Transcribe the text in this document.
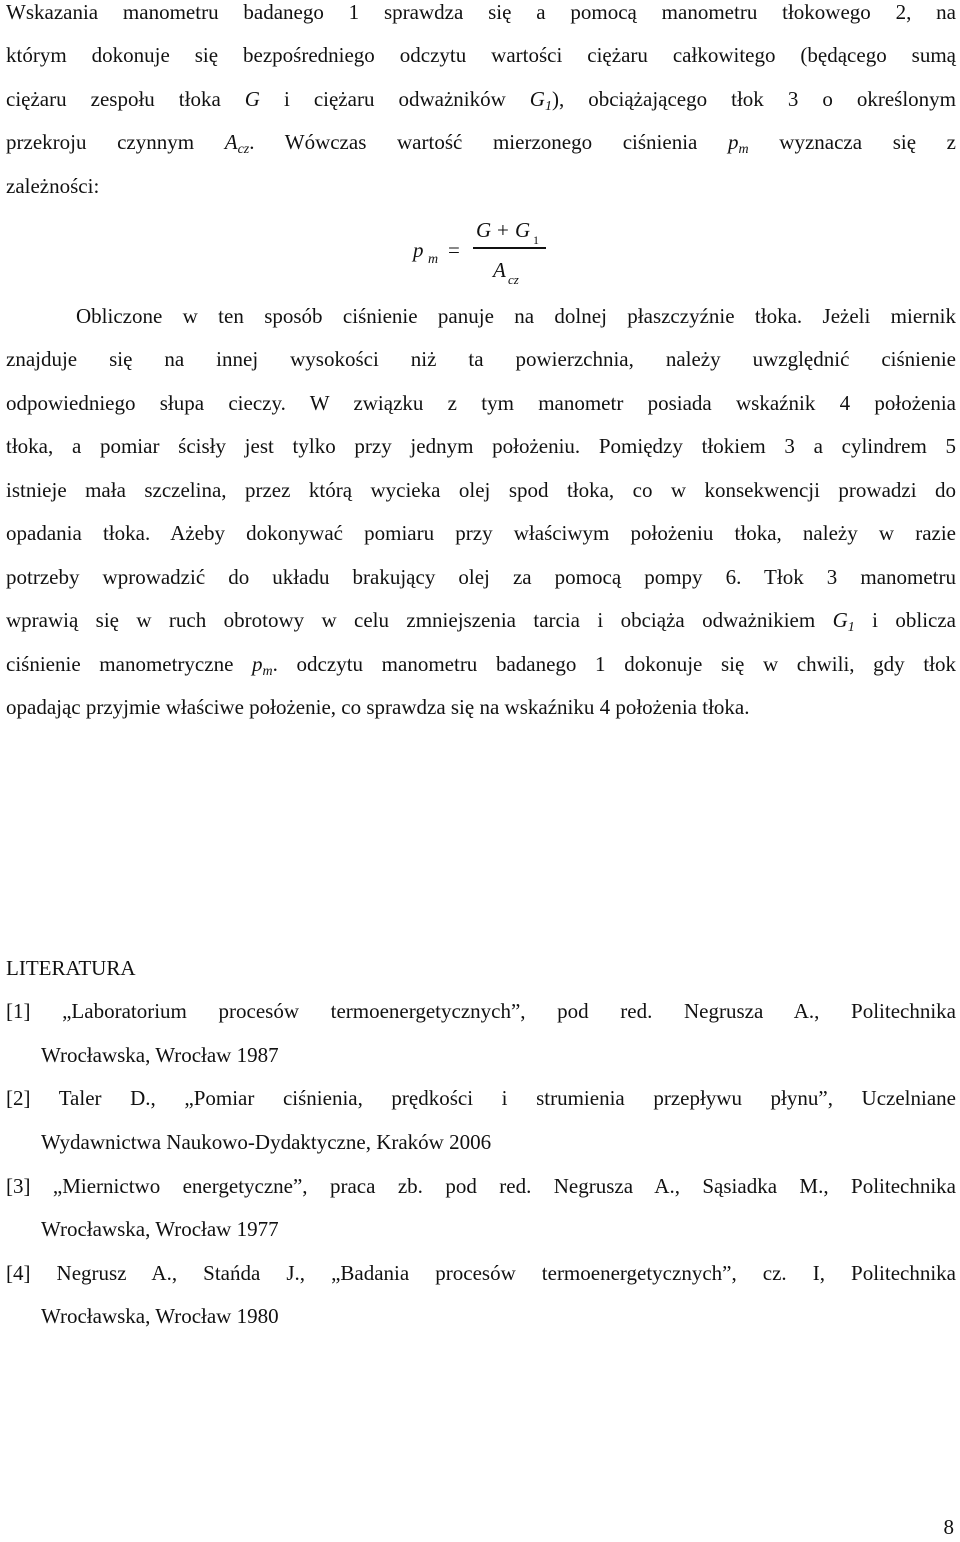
Wskazania manometru badanego 1 sprawdza się a pomocą manometru tłokowego 2, na
którym dokonuje się bezpośredniego odczytu wartości ciężaru całkowitego (będącego sumą
ciężaru zespołu tłoka G i ciężaru odważników $G_1$), obciążającego tłok 3 o określonym
przekroju czynnym $A_{cz}$. Wówczas wartość mierzonego ciśnienia $p_m$ wyznacza się z
zależności:
p m =
G + G 1
A cz
Obliczone w ten sposób ciśnienie panuje na dolnej płaszczyźnie tłoka. Jeżeli miernik
znajduje się na innej wysokości niż ta powierzchnia, należy uwzględnić ciśnienie
odpowiedniego słupa cieczy. W związku z tym manometr posiada wskaźnik 4 położenia
tłoka, a pomiar ścisły jest tylko przy jednym położeniu. Pomiędzy tłokiem 3 a cylindrem 5
istnieje mała szczelina, przez którą wycieka olej spod tłoka, co w konsekwencji prowadzi do
opadania tłoka. Ażeby dokonywać pomiaru przy właściwym położeniu tłoka, należy w razie
potrzeby wprowadzić do układu brakujący olej za pomocą pompy 6. Tłok 3 manometru
wprawią się w ruch obrotowy w celu zmniejszenia tarcia i obciąża odważnikiem $G_1$ i oblicza
ciśnienie manometryczne $p_m$. odczytu manometru badanego 1 dokonuje się w chwili, gdy tłok
opadając przyjmie właściwe położenie, co sprawdza się na wskaźniku 4 położenia tłoka.
LITERATURA
[1] „Laboratorium procesów termoenergetycznych”, pod red. Negrusza A., Politechnika
Wrocławska, Wrocław 1987
[2] Taler D., „Pomiar ciśnienia, prędkości i strumienia przepływu płynu”, Uczelniane
Wydawnictwa Naukowo-Dydaktyczne, Kraków 2006
[3] „Miernictwo energetyczne”, praca zb. pod red. Negrusza A., Sąsiadka M., Politechnika
Wrocławska, Wrocław 1977
[4] Negrusz A., Stańda J., „Badania procesów termoenergetycznych”, cz. I, Politechnika
Wrocławska, Wrocław 1980
8
